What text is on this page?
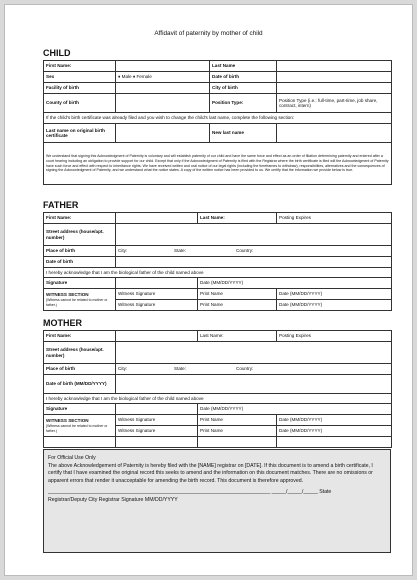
Affidavit of paternity by mother of child
CHILD
First Name:		Last Name	
Sex	♦ Male ♦ Female	Date of birth	
Facility of birth		City of birth	
County of birth		Position Type:	Position Type (i.e.: full-time, part-time, job share, contract, intern)
If the child's birth certificate was already filed and you wish to change the child's last name, complete the following section:			
Last name on original birth certificate		New last name	
We understand that signing this Acknowledgment of Paternity is voluntary and will establish paternity of our child and have the same force and effect as an order of filiation determining paternity and entered after a court hearing including an obligation to provide support for our child. Except that only if the Acknowledgment of Paternity is filed with the Registrar where the birth certificate is filed will the Acknowledgment of Paternity have such force and effect with respect to inheritance rights. We have received written and oral notice of our legal rights (including the timeframes to withdraw), responsibilities, alternatives and the consequences of signing the Acknowledgment of Paternity, and we understand what the notice states. A copy of the written notice has been provided to us. We certify that the information we provide below is true.			
FATHER
First Name:		Last Name:	Posting Expires
Street address (house/apt. number)			
Place of birth	City: State: Country:		
Date of birth			
I hereby acknowledge that I am the biological father of the child named above			
Signature		Date (MM/DD/YYYY)	
WITNESS SECTION
(Witness cannot be related to mother or father.)	Witness Signature	Print Name	Date (MM/DD/YYYY)
	Witness Signature	Print Name	Date (MM/DD/YYYY)
MOTHER
First Name:		Last Name:	Posting Expires
Street address (house/apt. number)			
Place of birth	City: State: Country:		
Date of birth (MM/DD/YYYY)			
I hereby acknowledge that I am the biological father of the child named above			
Signature		Date (MM/DD/YYYY)	
WITNESS SECTION
(Witness cannot be related to mother or father.)	Witness Signature	Print Name	Date (MM/DD/YYYY)
	Witness Signature	Print Name	Date (MM/DD/YYYY)

For Official Use Only
The above Acknowledgement of Paternity is hereby filed with the [NAME] registrar on [DATE]. If this document is to amend a birth certificate, I certify that I have examined the original record this seeks to amend and the information on this document matches. There are no omissions or apparent errors that render it unacceptable for amending the birth record. This document is therefore approved.
_____________________________________________________________________________ _____/_____/_____ State
Registrar/Deputy City Registrar Signature MM/DD/YYYY
